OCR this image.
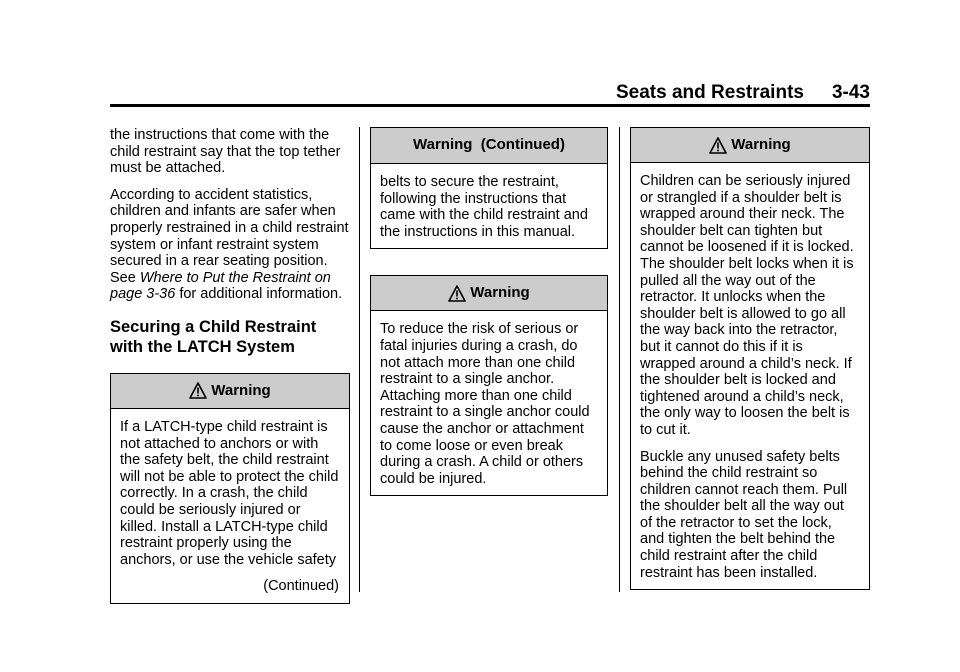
Seats and Restraints 3-43

the instructions that come with the child restraint say that the top tether must be attached.

According to accident statistics, children and infants are safer when properly restrained in a child restraint system or infant restraint system secured in a rear seating position. See Where to Put the Restraint on page 3-36 for additional information.

Securing a Child Restraint with the LATCH System
Warning

If a LATCH-type child restraint is not attached to anchors or with the safety belt, the child restraint will not be able to protect the child correctly. In a crash, the child could be seriously injured or killed. Install a LATCH-type child restraint properly using the anchors, or use the vehicle safety

(Continued)
Warning  (Continued)

belts to secure the restraint, following the instructions that came with the child restraint and the instructions in this manual.

Warning

To reduce the risk of serious or fatal injuries during a crash, do not attach more than one child restraint to a single anchor. Attaching more than one child restraint to a single anchor could cause the anchor or attachment to come loose or even break during a crash. A child or others could be injured.

Warning

Children can be seriously injured or strangled if a shoulder belt is wrapped around their neck. The shoulder belt can tighten but cannot be loosened if it is locked. The shoulder belt locks when it is pulled all the way out of the retractor. It unlocks when the shoulder belt is allowed to go all the way back into the retractor, but it cannot do this if it is wrapped around a child’s neck. If the shoulder belt is locked and tightened around a child’s neck, the only way to loosen the belt is to cut it.

Buckle any unused safety belts behind the child restraint so children cannot reach them. Pull the shoulder belt all the way out of the retractor to set the lock, and tighten the belt behind the child restraint after the child restraint has been installed.
